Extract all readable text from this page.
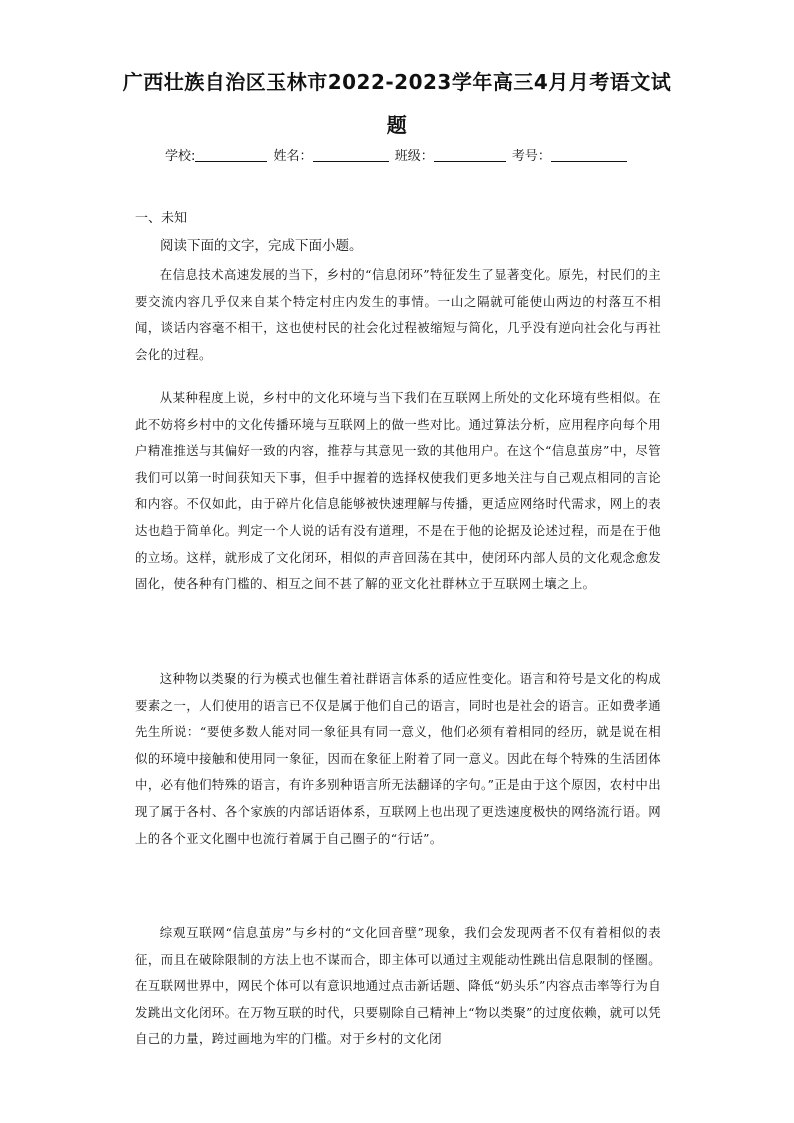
广西壮族自治区玉林市2022-2023学年高三4月月考语文试
题
学校:	姓名：	班级：	考号：
一、未知
阅读下面的文字，完成下面小题。

在信息技术高速发展的当下，乡村的“信息闭环”特征发生了显著变化。原先，村民们的主要交流内容几乎仅来自某个特定村庄内发生的事情。一山之隔就可能使山两边的村落互不相闻，谈话内容毫不相干，这也使村民的社会化过程被缩短与简化，几乎没有逆向社会化与再社会化的过程。

从某种程度上说，乡村中的文化环境与当下我们在互联网上所处的文化环境有些相似。在此不妨将乡村中的文化传播环境与互联网上的做一些对比。通过算法分析，应用程序向每个用户精准推送与其偏好一致的内容，推荐与其意见一致的其他用户。在这个“信息茧房”中，尽管我们可以第一时间获知天下事，但手中握着的选择权使我们更多地关注与自己观点相同的言论和内容。不仅如此，由于碎片化信息能够被快速理解与传播，更适应网络时代需求，网上的表达也趋于简单化。判定一个人说的话有没有道理，不是在于他的论据及论述过程，而是在于他的立场。这样，就形成了文化闭环，相似的声音回荡在其中，使闭环内部人员的文化观念愈发固化，使各种有门槛的、相互之间不甚了解的亚文化社群林立于互联网土壤之上。

这种物以类聚的行为模式也催生着社群语言体系的适应性变化。语言和符号是文化的构成要素之一，人们使用的语言已不仅是属于他们自己的语言，同时也是社会的语言。正如费孝通先生所说：“要使多数人能对同一象征具有同一意义，他们必须有着相同的经历，就是说在相似的环境中接触和使用同一象征，因而在象征上附着了同一意义。因此在每个特殊的生活团体中，必有他们特殊的语言，有许多别种语言所无法翻译的字句。”正是由于这个原因，农村中出现了属于各村、各个家族的内部话语体系，互联网上也出现了更迭速度极快的网络流行语。网上的各个亚文化圈中也流行着属于自己圈子的“行话”。

综观互联网“信息茧房”与乡村的“文化回音壁”现象，我们会发现两者不仅有着相似的表征，而且在破除限制的方法上也不谋而合，即主体可以通过主观能动性跳出信息限制的怪圈。在互联网世界中，网民个体可以有意识地通过点击新话题、降低“奶头乐”内容点击率等行为自发跳出文化闭环。在万物互联的时代，只要剔除自己精神上“物以类聚”的过度依赖，就可以凭自己的力量，跨过画地为牢的门槛。对于乡村的文化闭
